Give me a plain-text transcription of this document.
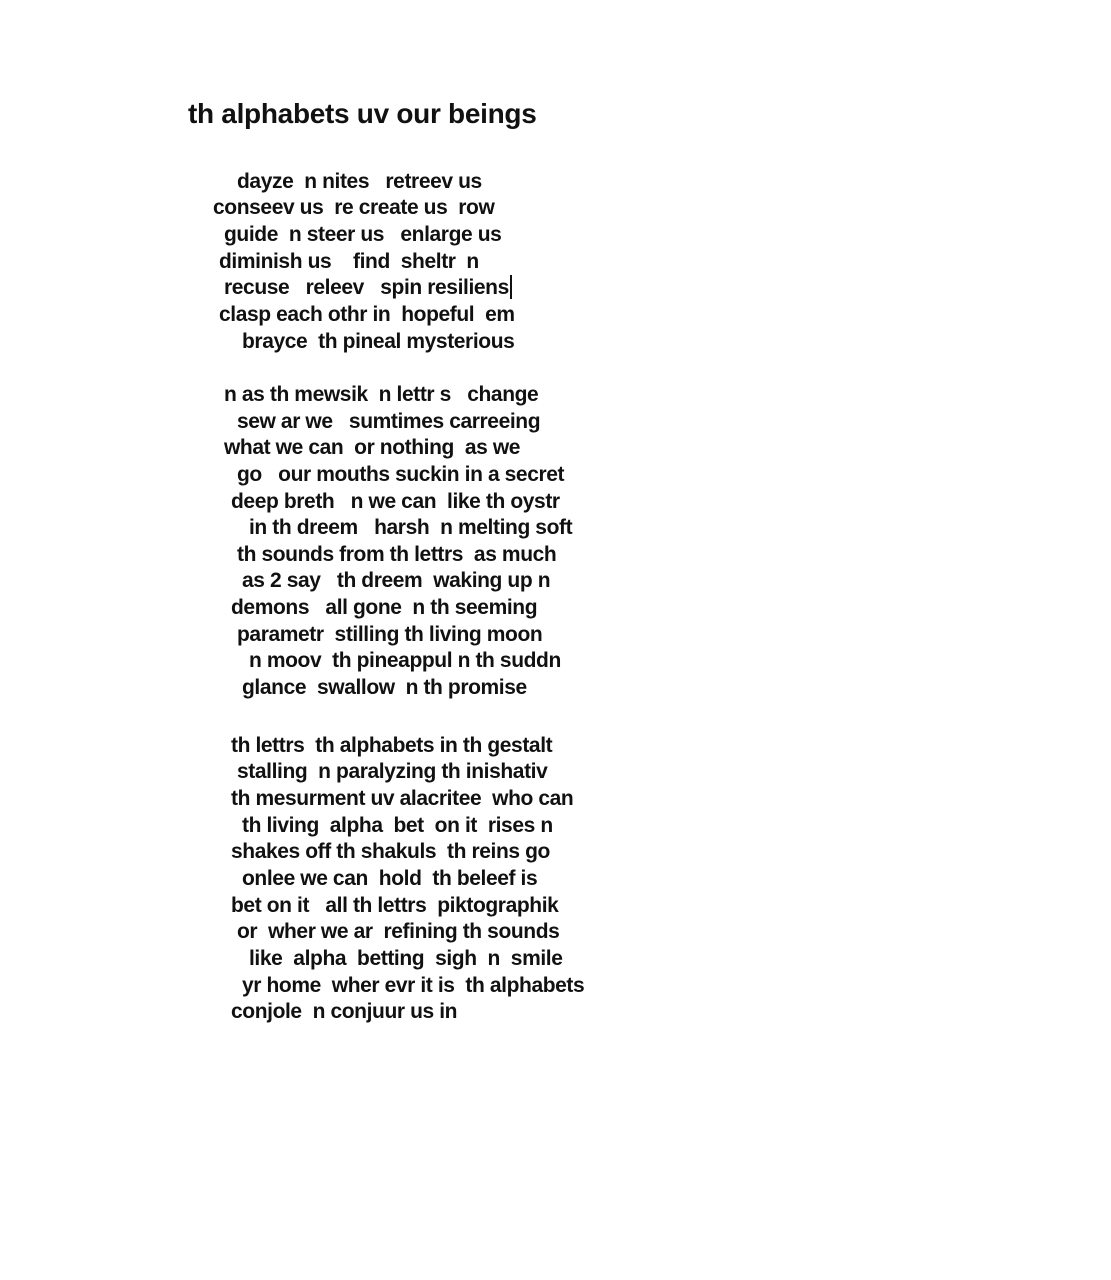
th alphabets uv our beings
dayze  n nites   retreev us
conseev us  re create us  row
guide  n steer us   enlarge us
diminish us    find  sheltr  n
recuse   releev   spin resiliens
clasp each othr in  hopeful  em
brayce  th pineal mysterious
n as th mewsik  n lettr s   change
sew ar we   sumtimes carreeing
what we can  or nothing  as we
go   our mouths suckin in a secret
deep breth   n we can  like th oystr
in th dreem   harsh  n melting soft
th sounds from th lettrs  as much
as 2 say   th dreem  waking up n
demons   all gone  n th seeming
parametr  stilling th living moon
n moov  th pineappul n th suddn
glance  swallow  n th promise
th lettrs  th alphabets in th gestalt
stalling  n paralyzing th inishativ
th mesurment uv alacritee  who can
th living  alpha  bet  on it  rises n
shakes off th shakuls  th reins go
onlee we can  hold  th beleef is
bet on it   all th lettrs  piktographik
or  wher we ar  refining th sounds
like  alpha  betting  sigh  n  smile
yr home  wher evr it is  th alphabets
conjole  n conjuur us in
